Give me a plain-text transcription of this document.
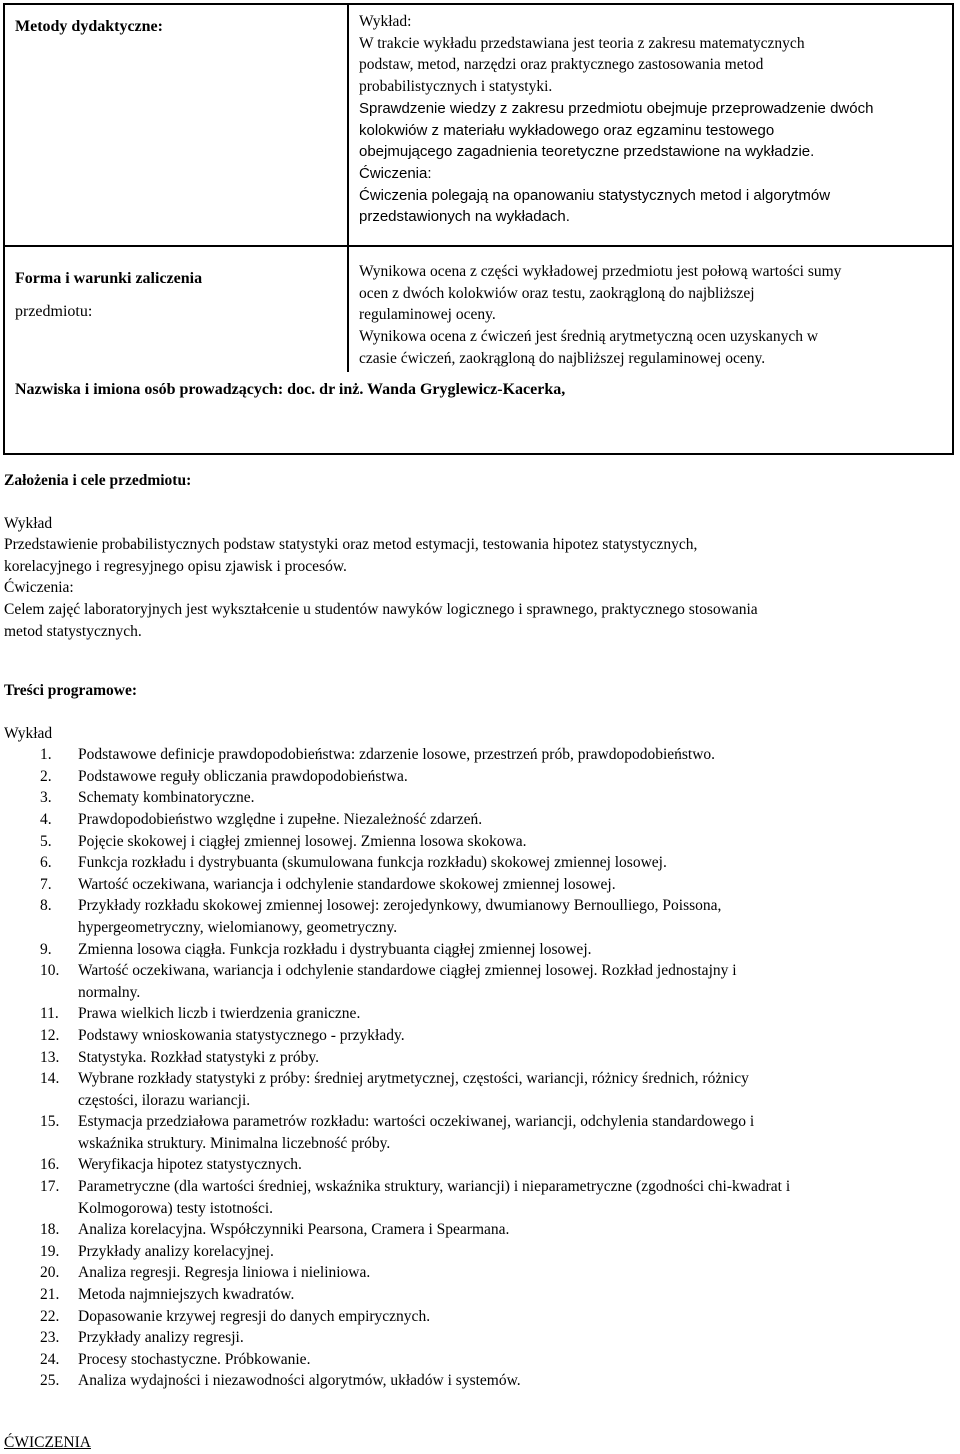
Metody dydaktyczne:	Wykład:
W trakcie wykładu przedstawiana jest teoria z zakresu matematycznych
podstaw, metod, narzędzi oraz praktycznego zastosowania metod
probabilistycznych i statystyki.
Sprawdzenie wiedzy z zakresu przedmiotu obejmuje przeprowadzenie dwóch
kolokwiów z materiału wykładowego oraz egzaminu testowego
obejmującego zagadnienia teoretyczne przedstawione na wykładzie.
Ćwiczenia:
Ćwiczenia polegają na opanowaniu statystycznych metod i algorytmów
przedstawionych na wykładach.
Forma i warunki zaliczenia
przedmiotu:
Wynikowa ocena z części wykładowej przedmiotu jest połową wartości sumy
ocen z dwóch kolokwiów oraz testu, zaokrągloną do najbliższej
regulaminowej oceny.
Wynikowa ocena z ćwiczeń jest średnią arytmetyczną ocen uzyskanych w
czasie ćwiczeń, zaokrągloną do najbliższej regulaminowej oceny.
Nazwiska i imiona osób prowadzących: doc. dr inż. Wanda Gryglewicz-Kacerka,
Założenia i cele przedmiotu:
Wykład
Przedstawienie probabilistycznych podstaw statystyki oraz metod estymacji, testowania hipotez statystycznych,
korelacyjnego i regresyjnego opisu zjawisk i procesów.
Ćwiczenia:
Celem zajęć laboratoryjnych jest wykształcenie u studentów nawyków logicznego i sprawnego, praktycznego stosowania
metod statystycznych.
Treści programowe:
Wykład
1. Podstawowe definicje prawdopodobieństwa: zdarzenie losowe, przestrzeń prób, prawdopodobieństwo.
2. Podstawowe reguły obliczania prawdopodobieństwa.
3. Schematy kombinatoryczne.
4. Prawdopodobieństwo względne i zupełne. Niezależność zdarzeń.
5. Pojęcie skokowej i ciągłej zmiennej losowej. Zmienna losowa skokowa.
6. Funkcja rozkładu i dystrybuanta (skumulowana funkcja rozkładu) skokowej zmiennej losowej.
7. Wartość oczekiwana, wariancja i odchylenie standardowe skokowej zmiennej losowej.
8. Przykłady rozkładu skokowej zmiennej losowej: zerojedynkowy, dwumianowy Bernoulliego, Poissona,
hypergeometryczny, wielomianowy, geometryczny.
9. Zmienna losowa ciągła. Funkcja rozkładu i dystrybuanta ciągłej zmiennej losowej.
10. Wartość oczekiwana, wariancja i odchylenie standardowe ciągłej zmiennej losowej. Rozkład jednostajny i
normalny.
11. Prawa wielkich liczb i twierdzenia graniczne.
12. Podstawy wnioskowania statystycznego - przykłady.
13. Statystyka. Rozkład statystyki z próby.
14. Wybrane rozkłady statystyki z próby: średniej arytmetycznej, częstości, wariancji, różnicy średnich, różnicy
częstości, ilorazu wariancji.
15. Estymacja przedziałowa parametrów rozkładu: wartości oczekiwanej, wariancji, odchylenia standardowego i
wskaźnika struktury. Minimalna liczebność próby.
16. Weryfikacja hipotez statystycznych.
17. Parametryczne (dla wartości średniej, wskaźnika struktury, wariancji) i nieparametryczne (zgodności chi-kwadrat i
Kolmogorowa) testy istotności.
18. Analiza korelacyjna. Współczynniki Pearsona, Cramera i Spearmana.
19. Przykłady analizy korelacyjnej.
20. Analiza regresji. Regresja liniowa i nieliniowa.
21. Metoda najmniejszych kwadratów.
22. Dopasowanie krzywej regresji do danych empirycznych.
23. Przykłady analizy regresji.
24. Procesy stochastyczne. Próbkowanie.
25. Analiza wydajności i niezawodności algorytmów, układów i systemów.
ĆWICZENIA
